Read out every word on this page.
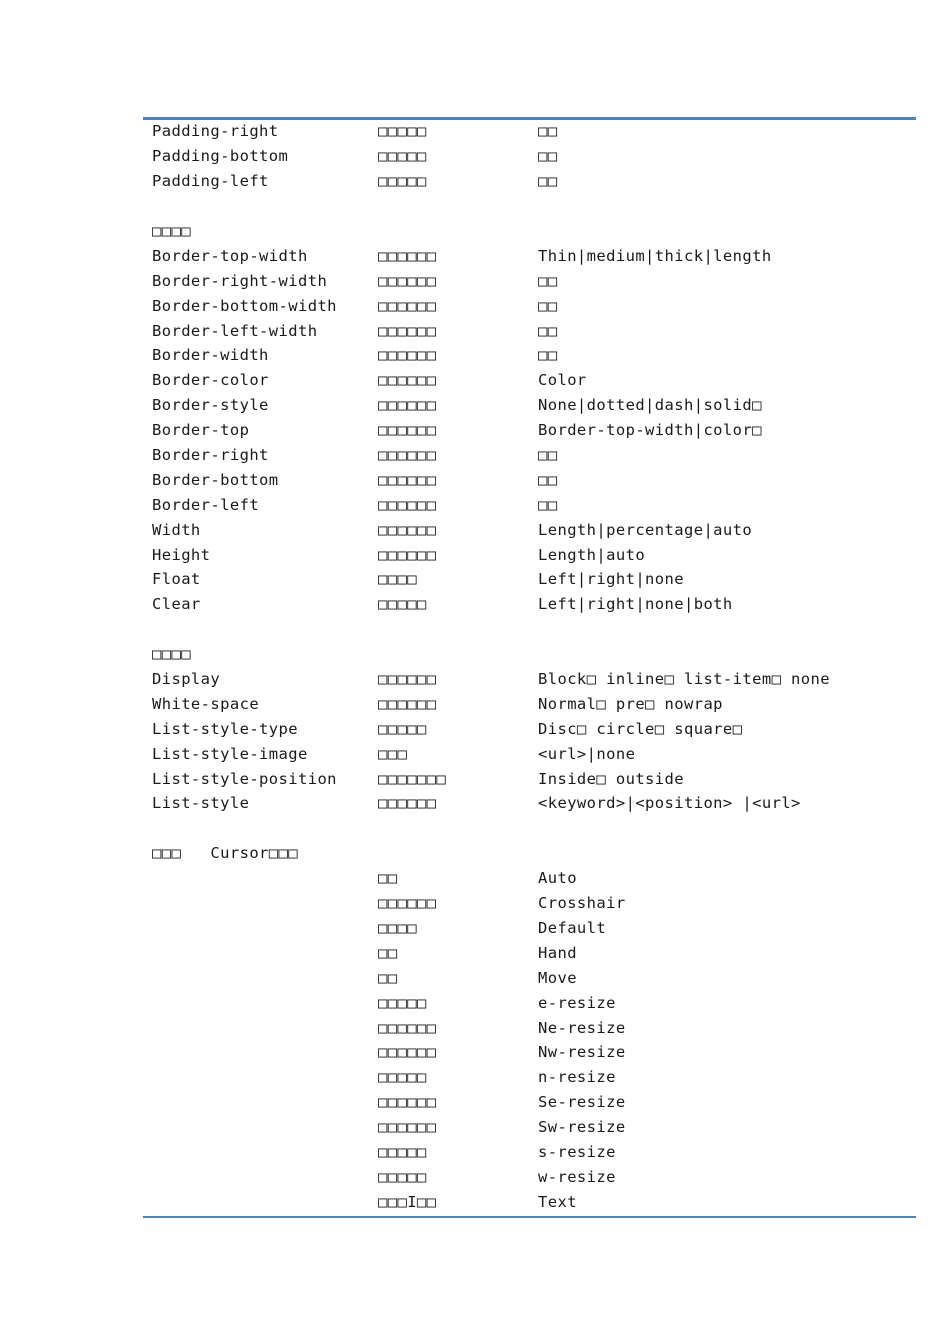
Padding-right	□□□□□	□□
Padding-bottom	□□□□□	□□
Padding-left	□□□□□	□□
□□□□
Border-top-width	□□□□□□	Thin|medium|thick|length
Border-right-width	□□□□□□	□□
Border-bottom-width	□□□□□□	□□
Border-left-width	□□□□□□	□□
Border-width	□□□□□□	□□
Border-color	□□□□□□	Color
Border-style	□□□□□□	None|dotted|dash|solid□
Border-top	□□□□□□	Border-top-width|color□
Border-right	□□□□□□	□□
Border-bottom	□□□□□□	□□
Border-left	□□□□□□	□□
Width	□□□□□□	Length|percentage|auto
Height	□□□□□□	Length|auto
Float	□□□□	Left|right|none
Clear	□□□□□	Left|right|none|both
□□□□
Display	□□□□□□	Block□ inline□ list-item□ none
White-space	□□□□□□	Normal□ pre□ nowrap
List-style-type	□□□□□	Disc□ circle□ square□
List-style-image	□□□	<url>|none
List-style-position	□□□□□□□	Inside□ outside
List-style	□□□□□□	<keyword>|<position> |<url>
□□□   Cursor□□□
□□	Auto
□□□□□□	Crosshair
□□□□	Default
□□	Hand
□□	Move
□□□□□	e-resize
□□□□□□	Ne-resize
□□□□□□	Nw-resize
□□□□□	n-resize
□□□□□□	Se-resize
□□□□□□	Sw-resize
□□□□□	s-resize
□□□□□	w-resize
□□□I□□	Text
